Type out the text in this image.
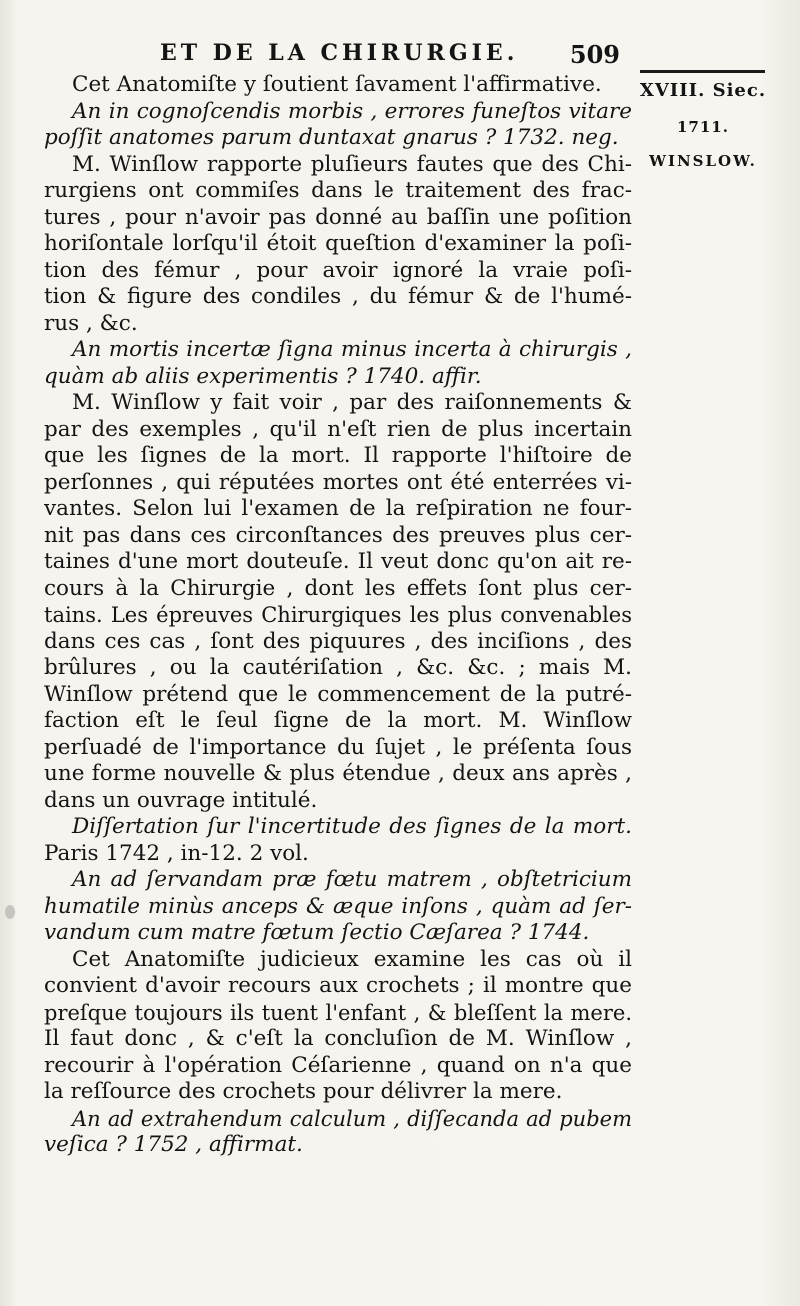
ET DE LA CHIRURGIE. 509
XVIII. Siec.
1711.
WINSLOW.
Cet Anatomiſte y ſoutient ſavament l'affirmative.
An in cognoſcendis morbis , errores funeſtos vitare
poſſit anatomes parum duntaxat gnarus ? 1732. neg.
M. Winſlow rapporte pluſieurs fautes que des Chi-
rurgiens ont commiſes dans le traitement des frac-
tures , pour n'avoir pas donné au baſſin une poſition
horiſontale lorſqu'il étoit queſtion d'examiner la poſi-
tion des fémur , pour avoir ignoré la vraie poſi-
tion & figure des condiles , du fémur & de l'humé-
rus , &c.
An mortis incertæ ſigna minus incerta à chirurgis ,
quàm ab aliis experimentis ? 1740. affir.
M. Winſlow y fait voir , par des raiſonnements &
par des exemples , qu'il n'eſt rien de plus incertain
que les ſignes de la mort. Il rapporte l'hiſtoire de
perſonnes , qui réputées mortes ont été enterrées vi-
vantes. Selon lui l'examen de la reſpiration ne four-
nit pas dans ces circonſtances des preuves plus cer-
taines d'une mort douteuſe. Il veut donc qu'on ait re-
cours à la Chirurgie , dont les effets ſont plus cer-
tains. Les épreuves Chirurgiques les plus convenables
dans ces cas , ſont des piquures , des inciſions , des
brûlures , ou la cautériſation , &c. &c. ; mais M.
Winſlow prétend que le commencement de la putré-
faction eſt le ſeul ſigne de la mort. M. Winſlow
perſuadé de l'importance du ſujet , le préſenta ſous
une forme nouvelle & plus étendue , deux ans après ,
dans un ouvrage intitulé.
Diſſertation ſur l'incertitude des ſignes de la mort.
Paris 1742 , in-12. 2 vol.
An ad ſervandam præ fœtu matrem , obſtetricium
humatile minùs anceps & æque inſons , quàm ad ſer-
vandum cum matre fœtum ſectio Cæſarea ? 1744.
Cet Anatomiſte judicieux examine les cas où il
convient d'avoir recours aux crochets ; il montre que
preſque toujours ils tuent l'enfant , & bleſſent la mere.
Il faut donc , & c'eſt la concluſion de M. Winſlow ,
recourir à l'opération Céſarienne , quand on n'a que
la reſſource des crochets pour délivrer la mere.
An ad extrahendum calculum , diſſecanda ad pubem
veſica ? 1752 , affirmat.
